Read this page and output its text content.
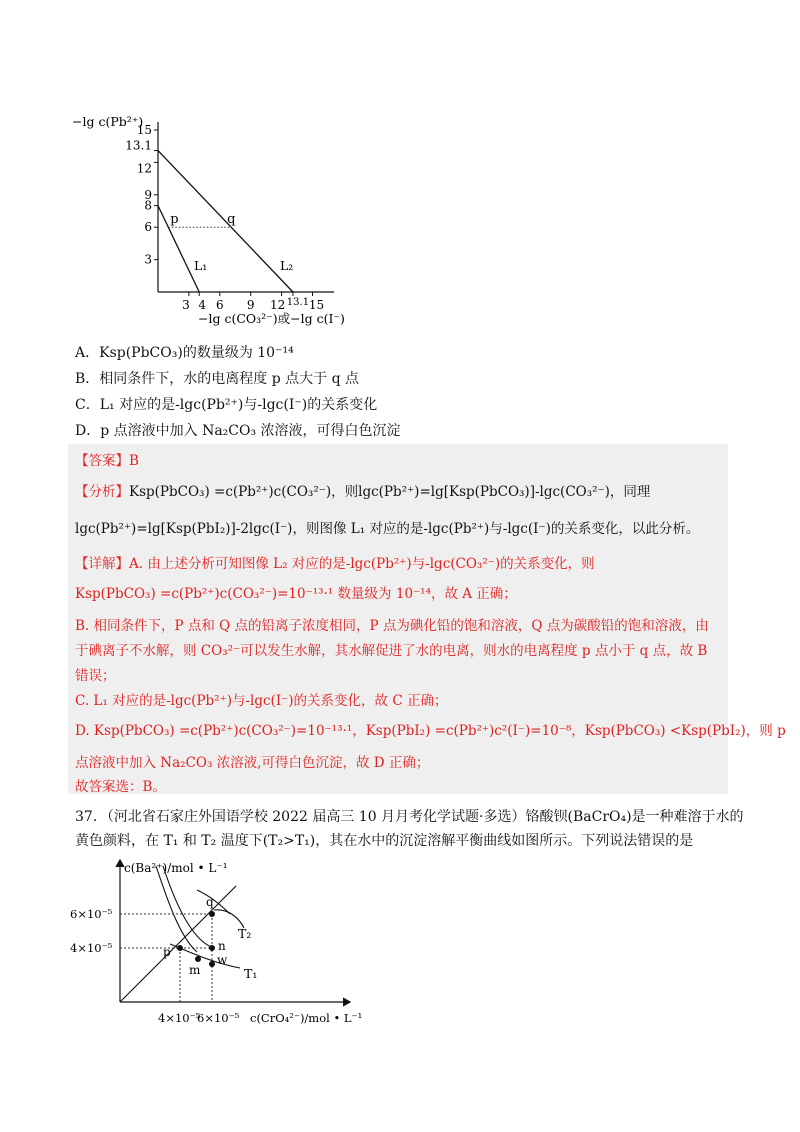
−lg c(Pb²⁺)
3
6
8
9
12
13.1
15
3 4 6 9 12 13.1 15
p	q
L₁	L₂
−lg c(CO₃²⁻)或−lg c(I⁻)
A．Ksp(PbCO₃)的数量级为 10⁻¹⁴
B．相同条件下，水的电离程度 p 点大于 q 点
C．L₁ 对应的是-lgc(Pb²⁺)与-lgc(I⁻)的关系变化
D．p 点溶液中加入 Na₂CO₃ 浓溶液，可得白色沉淀
【答案】B
【分析】Ksp(PbCO₃) =c(Pb²⁺)c(CO₃²⁻)，则lgc(Pb²⁺)=lg[Ksp(PbCO₃)]-lgc(CO₃²⁻)，同理
lgc(Pb²⁺)=lg[Ksp(PbI₂)]-2lgc(I⁻)，则图像 L₁ 对应的是-lgc(Pb²⁺)与-lgc(I⁻)的关系变化，以此分析。
【详解】A. 由上述分析可知图像 L₂ 对应的是-lgc(Pb²⁺)与-lgc(CO₃²⁻)的关系变化，则
Ksp(PbCO₃) =c(Pb²⁺)c(CO₃²⁻)=10⁻¹³·¹ 数量级为 10⁻¹⁴，故 A 正确；
B. 相同条件下，P 点和 Q 点的铅离子浓度相同，P 点为碘化铅的饱和溶液，Q 点为碳酸铅的饱和溶液，由
于碘离子不水解，则 CO₃²⁻可以发生水解，其水解促进了水的电离，则水的电离程度 p 点小于 q 点，故 B
错误；
C. L₁ 对应的是-lgc(Pb²⁺)与-lgc(I⁻)的关系变化，故 C 正确；
D. Ksp(PbCO₃) =c(Pb²⁺)c(CO₃²⁻)=10⁻¹³·¹，Ksp(PbI₂) =c(Pb²⁺)c²(I⁻)=10⁻⁸，Ksp(PbCO₃) <Ksp(PbI₂)，则 p
点溶液中加入 Na₂CO₃ 浓溶液,可得白色沉淀，故 D 正确；
故答案选：B。
37．（河北省石家庄外国语学校 2022 届高三 10 月月考化学试题·多选）铬酸钡(BaCrO₄)是一种难溶于水的
黄色颜料，在 T₁ 和 T₂ 温度下(T₂>T₁)，其在水中的沉淀溶解平衡曲线如图所示。下列说法错误的是
c(Ba²⁺)/mol • L⁻¹
q
p	n
m
w
T₂
T₁
6×10⁻⁵
4×10⁻⁵
4×10⁻⁵
6×10⁻⁵ c(CrO₄²⁻)/mol • L⁻¹
